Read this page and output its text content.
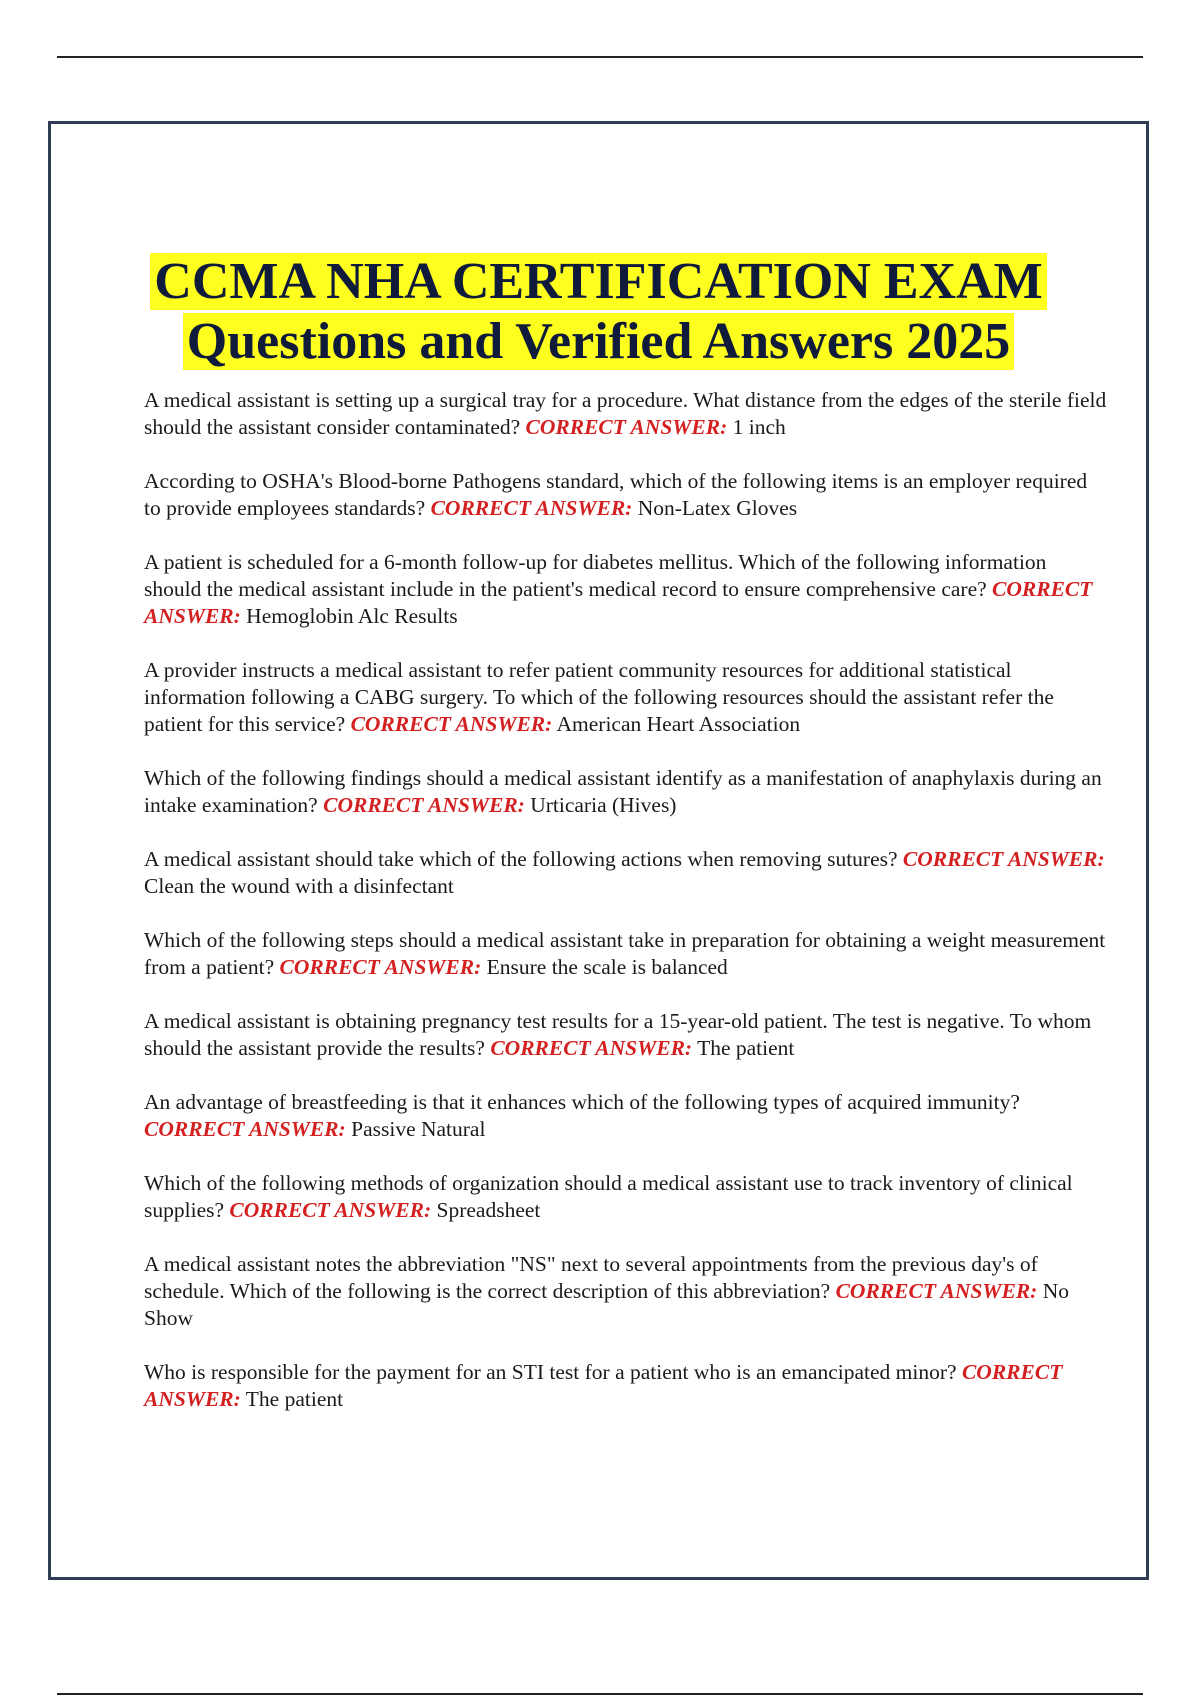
CCMA NHA CERTIFICATION EXAM
Questions and Verified Answers 2025
A medical assistant is setting up a surgical tray for a procedure. What distance from the edges of the sterile field should the assistant consider contaminated? CORRECT ANSWER: 1 inch
According to OSHA's Blood-borne Pathogens standard, which of the following items is an employer required to provide employees standards? CORRECT ANSWER: Non-Latex Gloves
A patient is scheduled for a 6-month follow-up for diabetes mellitus. Which of the following information should the medical assistant include in the patient's medical record to ensure comprehensive care? CORRECT ANSWER: Hemoglobin Alc Results
A provider instructs a medical assistant to refer patient community resources for additional statistical information following a CABG surgery. To which of the following resources should the assistant refer the patient for this service? CORRECT ANSWER: American Heart Association
Which of the following findings should a medical assistant identify as a manifestation of anaphylaxis during an intake examination? CORRECT ANSWER: Urticaria (Hives)
A medical assistant should take which of the following actions when removing sutures? CORRECT ANSWER: Clean the wound with a disinfectant
Which of the following steps should a medical assistant take in preparation for obtaining a weight measurement from a patient? CORRECT ANSWER: Ensure the scale is balanced
A medical assistant is obtaining pregnancy test results for a 15-year-old patient. The test is negative. To whom should the assistant provide the results? CORRECT ANSWER: The patient
An advantage of breastfeeding is that it enhances which of the following types of acquired immunity? CORRECT ANSWER: Passive Natural
Which of the following methods of organization should a medical assistant use to track inventory of clinical supplies? CORRECT ANSWER: Spreadsheet
A medical assistant notes the abbreviation "NS" next to several appointments from the previous day's of schedule. Which of the following is the correct description of this abbreviation? CORRECT ANSWER: No Show
Who is responsible for the payment for an STI test for a patient who is an emancipated minor? CORRECT ANSWER: The patient
